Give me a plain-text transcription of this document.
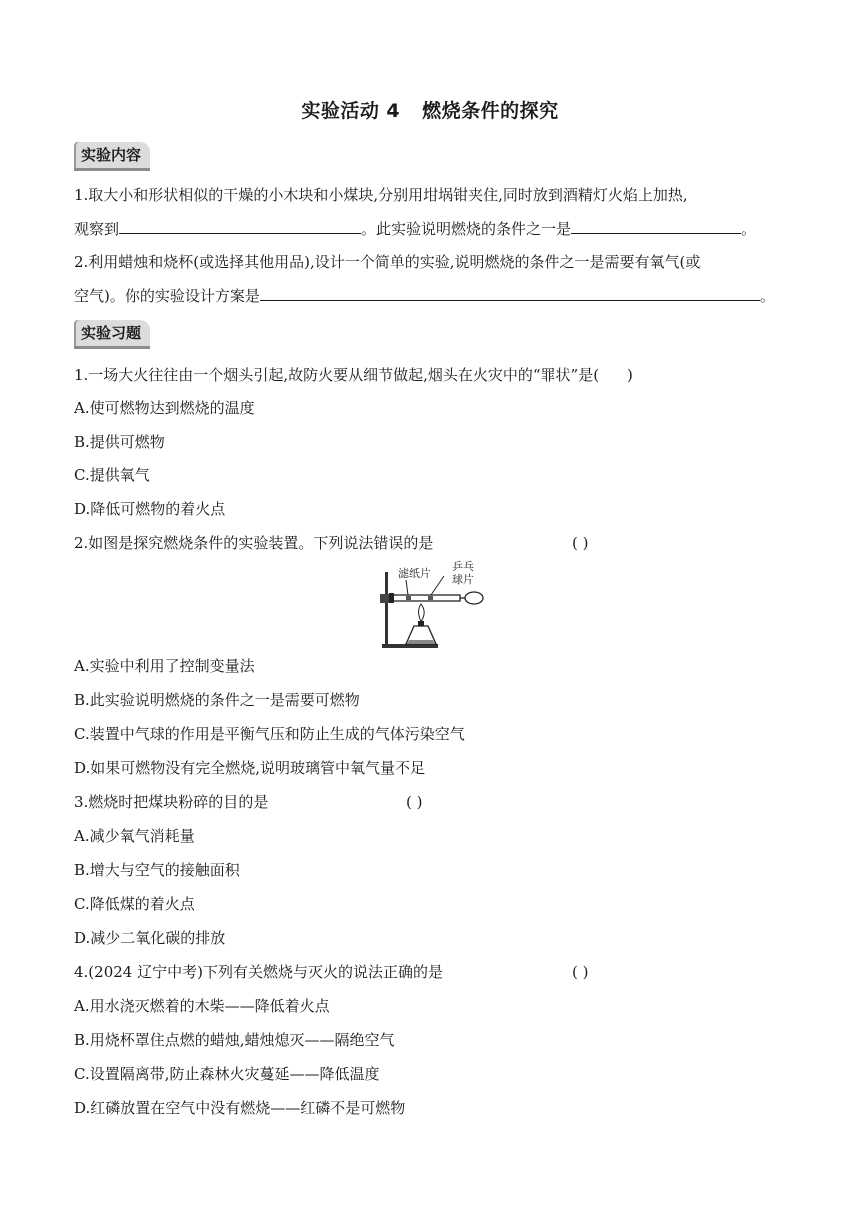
实验活动 4 燃烧条件的探究
实验内容
1.取大小和形状相似的干燥的小木块和小煤块,分别用坩埚钳夹住,同时放到酒精灯火焰上加热,
观察到	。此实验说明燃烧的条件之一是	。
2.利用蜡烛和烧杯(或选择其他用品),设计一个简单的实验,说明燃烧的条件之一是需要有氧气(或
空气)。你的实验设计方案是	。
实验习题
1.一场大火往往由一个烟头引起,故防火要从细节做起,烟头在火灾中的“罪状”是( )
A.使可燃物达到燃烧的温度
B.提供可燃物
C.提供氧气
D.降低可燃物的着火点
2.如图是探究燃烧条件的实验装置。下列说法错误的是	( )
滤纸片
乒乓
球片
A.实验中利用了控制变量法
B.此实验说明燃烧的条件之一是需要可燃物
C.装置中气球的作用是平衡气压和防止生成的气体污染空气
D.如果可燃物没有完全燃烧,说明玻璃管中氧气量不足
3.燃烧时把煤块粉碎的目的是	( )
A.减少氧气消耗量
B.增大与空气的接触面积
C.降低煤的着火点
D.减少二氧化碳的排放
4.(2024 辽宁中考)下列有关燃烧与灭火的说法正确的是	( )
A.用水浇灭燃着的木柴——降低着火点
B.用烧杯罩住点燃的蜡烛,蜡烛熄灭——隔绝空气
C.设置隔离带,防止森林火灾蔓延——降低温度
D.红磷放置在空气中没有燃烧——红磷不是可燃物
